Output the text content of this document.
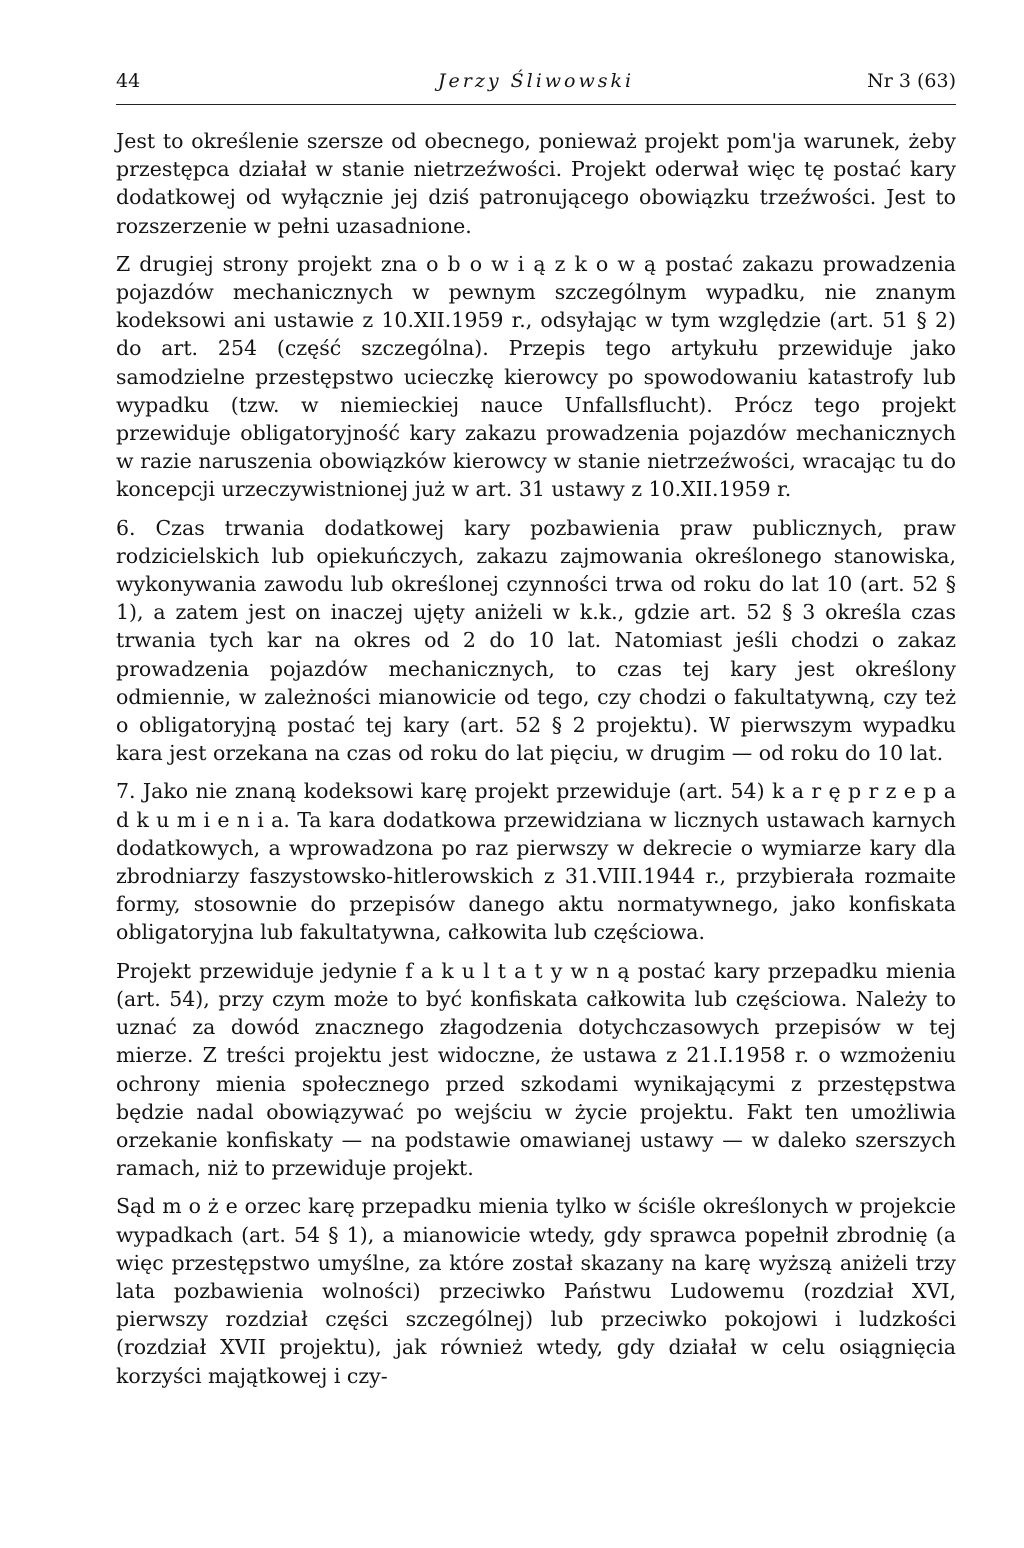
44	Jerzy Śliwowski	Nr 3 (63)

Jest to określenie szersze od obecnego, ponieważ projekt pom'ja warunek, żeby przestępca działał w stanie nietrzeźwości. Projekt oderwał więc tę postać kary dodatkowej od wyłącznie jej dziś patronującego obowiązku trzeźwości. Jest to rozszerzenie w pełni uzasadnione.

Z drugiej strony projekt zna o b o w i ą z k o w ą postać zakazu prowadzenia pojazdów mechanicznych w pewnym szczególnym wypadku, nie znanym kodeksowi ani ustawie z 10.XII.1959 r., odsyłając w tym względzie (art. 51 § 2) do art. 254 (część szczególna). Przepis tego artykułu przewiduje jako samodzielne przestępstwo ucieczkę kierowcy po spowodowaniu katastrofy lub wypadku (tzw. w niemieckiej nauce Unfallsflucht). Prócz tego projekt przewiduje obligatoryjność kary zakazu prowadzenia pojazdów mechanicznych w razie naruszenia obowiązków kierowcy w stanie nietrzeźwości, wracając tu do koncepcji urzeczywistnionej już w art. 31 ustawy z 10.XII.1959 r.

6. Czas trwania dodatkowej kary pozbawienia praw publicznych, praw rodzicielskich lub opiekuńczych, zakazu zajmowania określonego stanowiska, wykonywania zawodu lub określonej czynności trwa od roku do lat 10 (art. 52 § 1), a zatem jest on inaczej ujęty aniżeli w k.k., gdzie art. 52 § 3 określa czas trwania tych kar na okres od 2 do 10 lat. Natomiast jeśli chodzi o zakaz prowadzenia pojazdów mechanicznych, to czas tej kary jest określony odmiennie, w zależności mianowicie od tego, czy chodzi o fakultatywną, czy też o obligatoryjną postać tej kary (art. 52 § 2 projektu). W pierwszym wypadku kara jest orzekana na czas od roku do lat pięciu, w drugim — od roku do 10 lat.

7. Jako nie znaną kodeksowi karę projekt przewiduje (art. 54) k a r ę p r z e p a d k u m i e n i a. Ta kara dodatkowa przewidziana w licznych ustawach karnych dodatkowych, a wprowadzona po raz pierwszy w dekrecie o wymiarze kary dla zbrodniarzy faszystowsko-hitlerowskich z 31.VIII.1944 r., przybierała rozmaite formy, stosownie do przepisów danego aktu normatywnego, jako konfiskata obligatoryjna lub fakultatywna, całkowita lub częściowa.

Projekt przewiduje jedynie f a k u l t a t y w n ą postać kary przepadku mienia (art. 54), przy czym może to być konfiskata całkowita lub częściowa. Należy to uznać za dowód znacznego złagodzenia dotychczasowych przepisów w tej mierze. Z treści projektu jest widoczne, że ustawa z 21.I.1958 r. o wzmożeniu ochrony mienia społecznego przed szkodami wynikającymi z przestępstwa będzie nadal obowiązywać po wejściu w życie projektu. Fakt ten umożliwia orzekanie konfiskaty — na podstawie omawianej ustawy — w daleko szerszych ramach, niż to przewiduje projekt.

Sąd m o ż e orzec karę przepadku mienia tylko w ściśle określonych w projekcie wypadkach (art. 54 § 1), a mianowicie wtedy, gdy sprawca popełnił zbrodnię (a więc przestępstwo umyślne, za które został skazany na karę wyższą aniżeli trzy lata pozbawienia wolności) przeciwko Państwu Ludowemu (rozdział XVI, pierwszy rozdział części szczególnej) lub przeciwko pokojowi i ludzkości (rozdział XVII projektu), jak również wtedy, gdy działał w celu osiągnięcia korzyści majątkowej i czy-
